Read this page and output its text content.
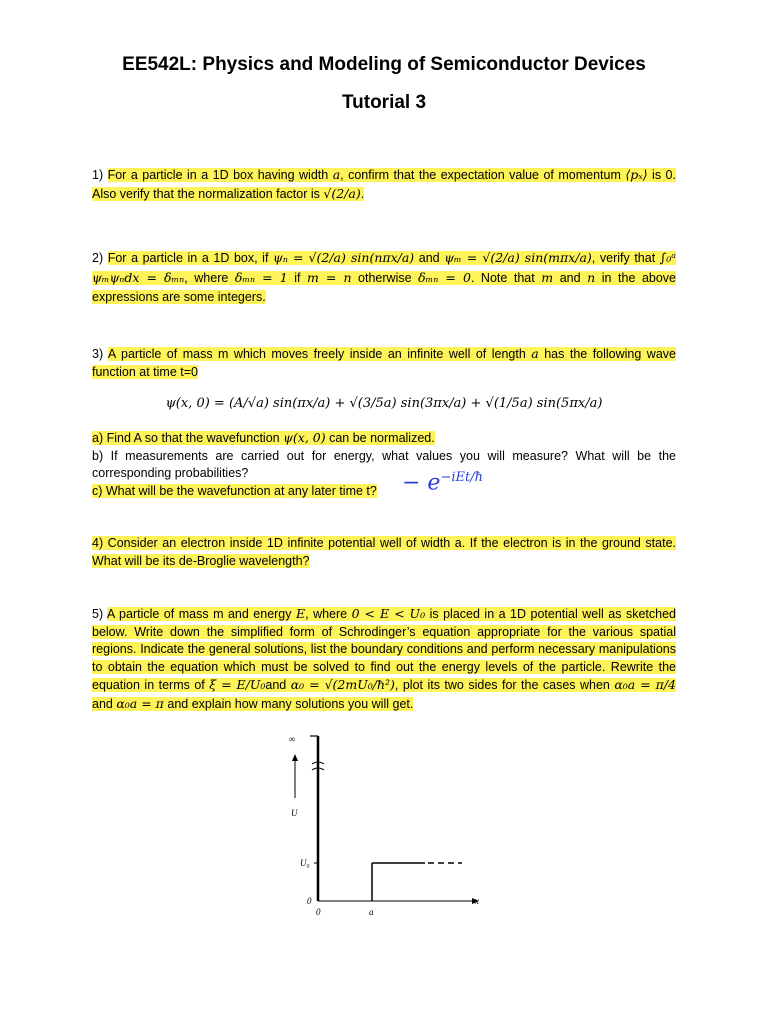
EE542L: Physics and Modeling of Semiconductor Devices
Tutorial 3
1) For a particle in a 1D box having width a, confirm that the expectation value of momentum ⟨pₓ⟩ is 0. Also verify that the normalization factor is √(2/a).
2) For a particle in a 1D box, if ψₙ = √(2/a) sin(nπx/a) and ψₘ = √(2/a) sin(mπx/a), verify that ∫₀ᵃ ψₘψₙdx = δₘₙ, where δₘₙ = 1 if m = n otherwise δₘₙ = 0. Note that m and n in the above expressions are some integers.
3) A particle of mass m which moves freely inside an infinite well of length a has the following wave function at time t=0
ψ(x, 0) = (A/√a) sin(πx/a) + √(3/5a) sin(3πx/a) + √(1/5a) sin(5πx/a)
a) Find A so that the wavefunction ψ(x, 0) can be normalized.
b) If measurements are carried out for energy, what values you will measure? What will be the corresponding probabilities?
c) What will be the wavefunction at any later time t?	− $e^{-iEt/ħ}$
4) Consider an electron inside 1D infinite potential well of width a. If the electron is in the ground state. What will be its de-Broglie wavelength?
5) A particle of mass m and energy E, where 0 < E < U₀ is placed in a 1D potential well as sketched below. Write down the simplified form of Schrodinger’s equation appropriate for the various spatial regions. Indicate the general solutions, list the boundary conditions and perform necessary manipulations to obtain the equation which must be solved to find out the energy levels of the particle. Rewrite the equation in terms of ξ = E/U₀and α₀ = √(2mU₀/ħ²), plot its two sides for the cases when α₀a = π/4 and α₀a = π and explain how many solutions you will get.
∞
U
U₀
0
0	a
x
